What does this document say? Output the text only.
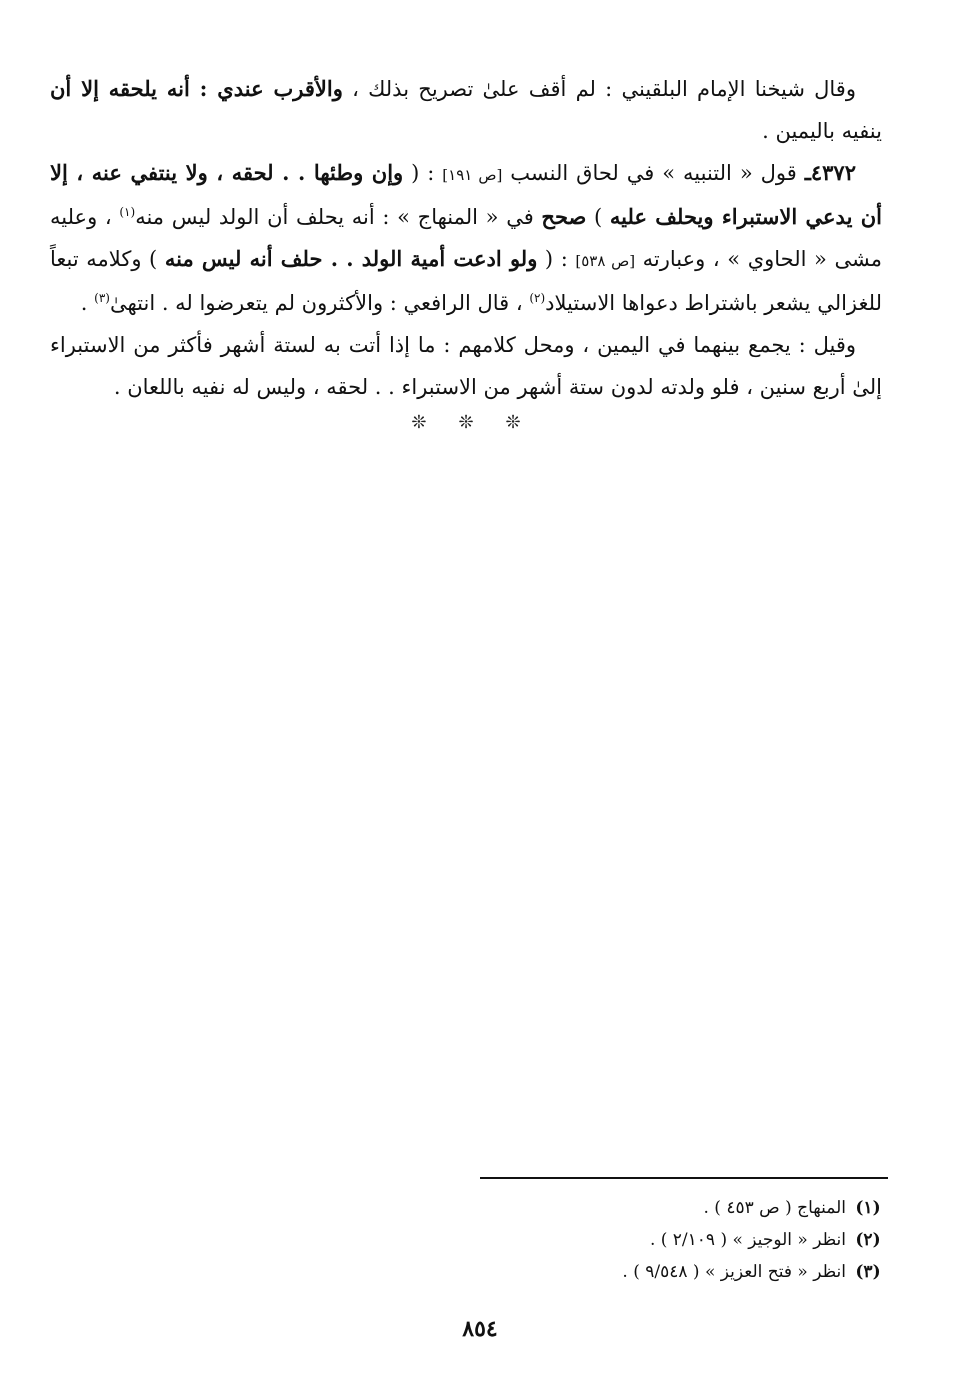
وقال شيخنا الإمام البلقيني : لم أقف علىٰ تصريح بذلك ، والأقرب عندي : أنه يلحقه إلا أن ينفيه باليمين .

٤٣٧٢ـ قول « التنبيه » في لحاق النسب [ص ١٩١] : ( وإن وطئها . . لحقه ، ولا ينتفي عنه ، إلا أن يدعي الاستبراء ويحلف عليه ) صحح في « المنهاج » : أنه يحلف أن الولد ليس منه$^{(١)}$ ، وعليه مشى « الحاوي » ، وعبارته [ص ٥٣٨] : ( ولو ادعت أمية الولد . . حلف أنه ليس منه ) وكلامه تبعاً للغزالي يشعر باشتراط دعواها الاستيلاد$^{(٢)}$ ، قال الرافعي : والأكثرون لم يتعرضوا له . انتهىٰ$^{(٣)}$ .

وقيل : يجمع بينهما في اليمين ، ومحل كلامهم : ما إذا أتت به لستة أشهر فأكثر من الاستبراء إلىٰ أربع سنين ، فلو ولدته لدون ستة أشهر من الاستبراء . . لحقه ، وليس له نفيه باللعان .

❊ ❊ ❊
(١)
المنهاج ( ص ٤٥٣ ) .
(٢)
انظر « الوجيز » ( ٢/١٠٩ ) .
(٣)
انظر « فتح العزيز » ( ٩/٥٤٨ ) .
٨٥٤
